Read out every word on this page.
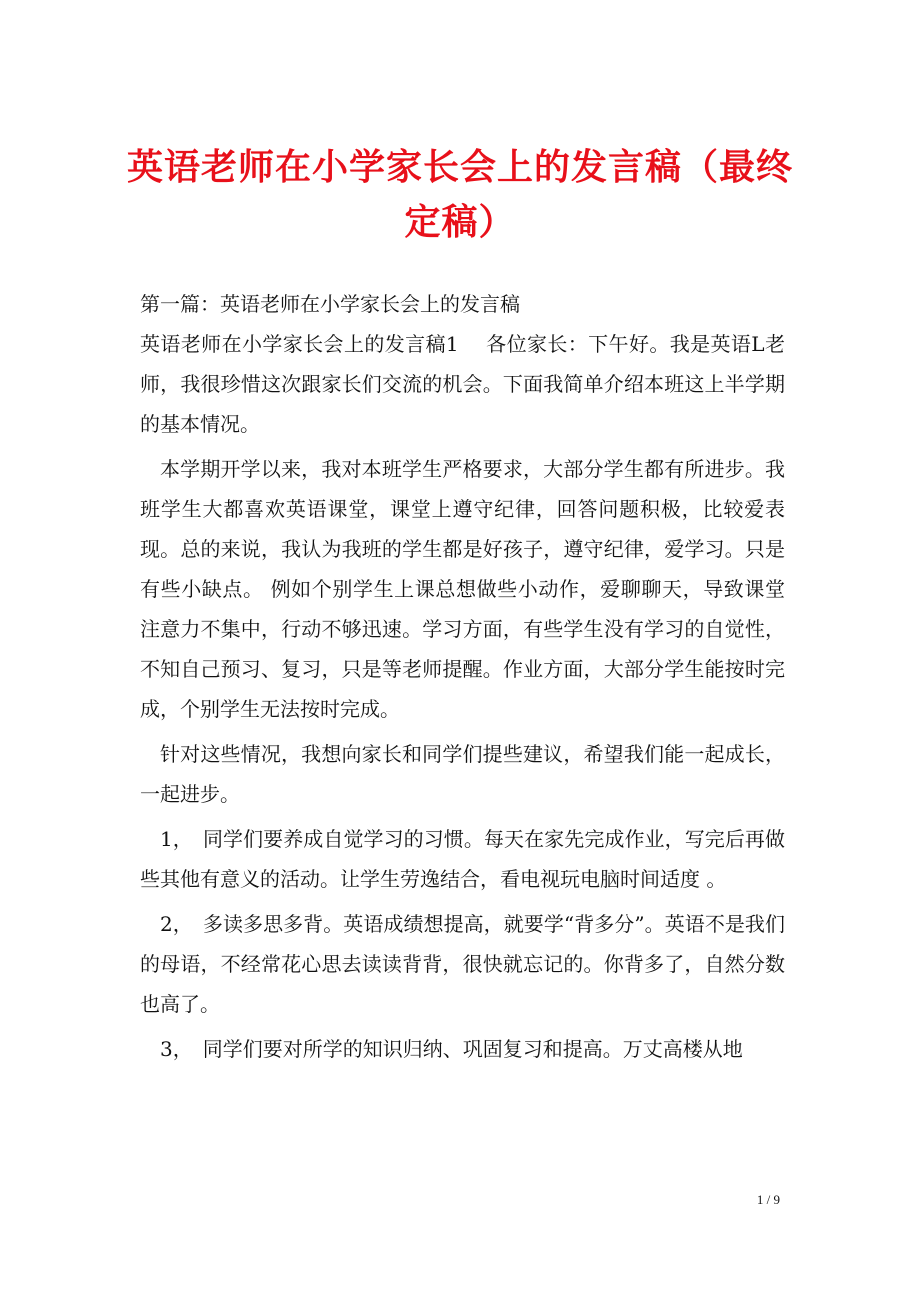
英语老师在小学家长会上的发言稿（最终定稿）

第一篇：英语老师在小学家长会上的发言稿

英语老师在小学家长会上的发言稿1　 各位家长：下午好。我是英语L老师，我很珍惜这次跟家长们交流的机会。下面我简单介绍本班这上半学期的基本情况。

本学期开学以来，我对本班学生严格要求，大部分学生都有所进步。我班学生大都喜欢英语课堂，课堂上遵守纪律，回答问题积极，比较爱表现。总的来说，我认为我班的学生都是好孩子，遵守纪律，爱学习。只是有些小缺点。 例如个别学生上课总想做些小动作，爱聊聊天，导致课堂注意力不集中，行动不够迅速。学习方面，有些学生没有学习的自觉性，不知自己预习、复习，只是等老师提醒。作业方面，大部分学生能按时完成，个别学生无法按时完成。

针对这些情况，我想向家长和同学们提些建议，希望我们能一起成长，一起进步。

1，　同学们要养成自觉学习的习惯。每天在家先完成作业，写完后再做些其他有意义的活动。让学生劳逸结合，看电视玩电脑时间适度 。

2，　多读多思多背。英语成绩想提高，就要学“背多分”。英语不是我们的母语，不经常花心思去读读背背，很快就忘记的。你背多了，自然分数也高了。

3，　同学们要对所学的知识归纳、巩固复习和提高。万丈高楼从地

1 / 9
